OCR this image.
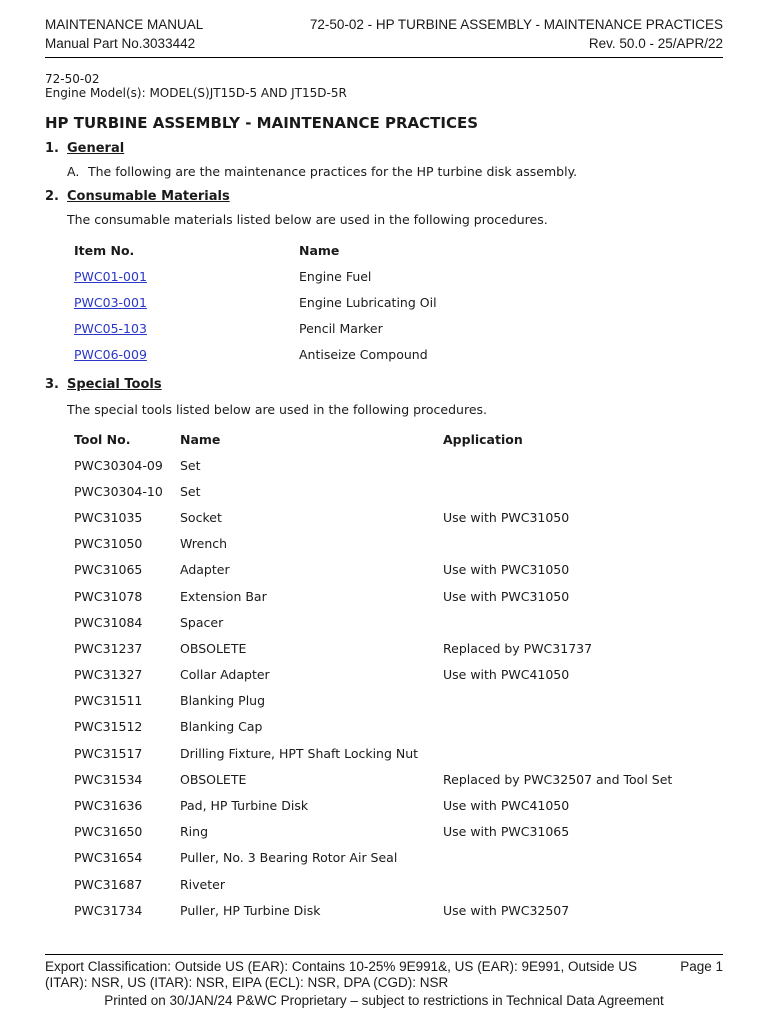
MAINTENANCE MANUAL
Manual Part No.3033442
72-50-02 - HP TURBINE ASSEMBLY - MAINTENANCE PRACTICES
Rev. 50.0 - 25/APR/22
72-50-02
Engine Model(s): MODEL(S)JT15D-5 AND JT15D-5R
HP TURBINE ASSEMBLY - MAINTENANCE PRACTICES
1. General
A. The following are the maintenance practices for the HP turbine disk assembly.
2. Consumable Materials
The consumable materials listed below are used in the following procedures.
Item No.	Name
PWC01-001	Engine Fuel
PWC03-001	Engine Lubricating Oil
PWC05-103	Pencil Marker
PWC06-009	Antiseize Compound
3. Special Tools
The special tools listed below are used in the following procedures.
Tool No.	Name	Application
PWC30304-09	Set	
PWC30304-10	Set	
PWC31035	Socket	Use with PWC31050
PWC31050	Wrench	
PWC31065	Adapter	Use with PWC31050
PWC31078	Extension Bar	Use with PWC31050
PWC31084	Spacer	
PWC31237	OBSOLETE	Replaced by PWC31737
PWC31327	Collar Adapter	Use with PWC41050
PWC31511	Blanking Plug	
PWC31512	Blanking Cap	
PWC31517	Drilling Fixture, HPT Shaft Locking Nut	
PWC31534	OBSOLETE	Replaced by PWC32507 and Tool Set
PWC31636	Pad, HP Turbine Disk	Use with PWC41050
PWC31650	Ring	Use with PWC31065
PWC31654	Puller, No. 3 Bearing Rotor Air Seal	
PWC31687	Riveter	
PWC31734	Puller, HP Turbine Disk	Use with PWC32507
Export Classification: Outside US (EAR): Contains 10-25% 9E991&, US (EAR): 9E991, Outside US (ITAR): NSR, US (ITAR): NSR, EIPA (ECL): NSR, DPA (CGD): NSR
Page 1
Printed on 30/JAN/24 P&WC Proprietary – subject to restrictions in Technical Data Agreement
